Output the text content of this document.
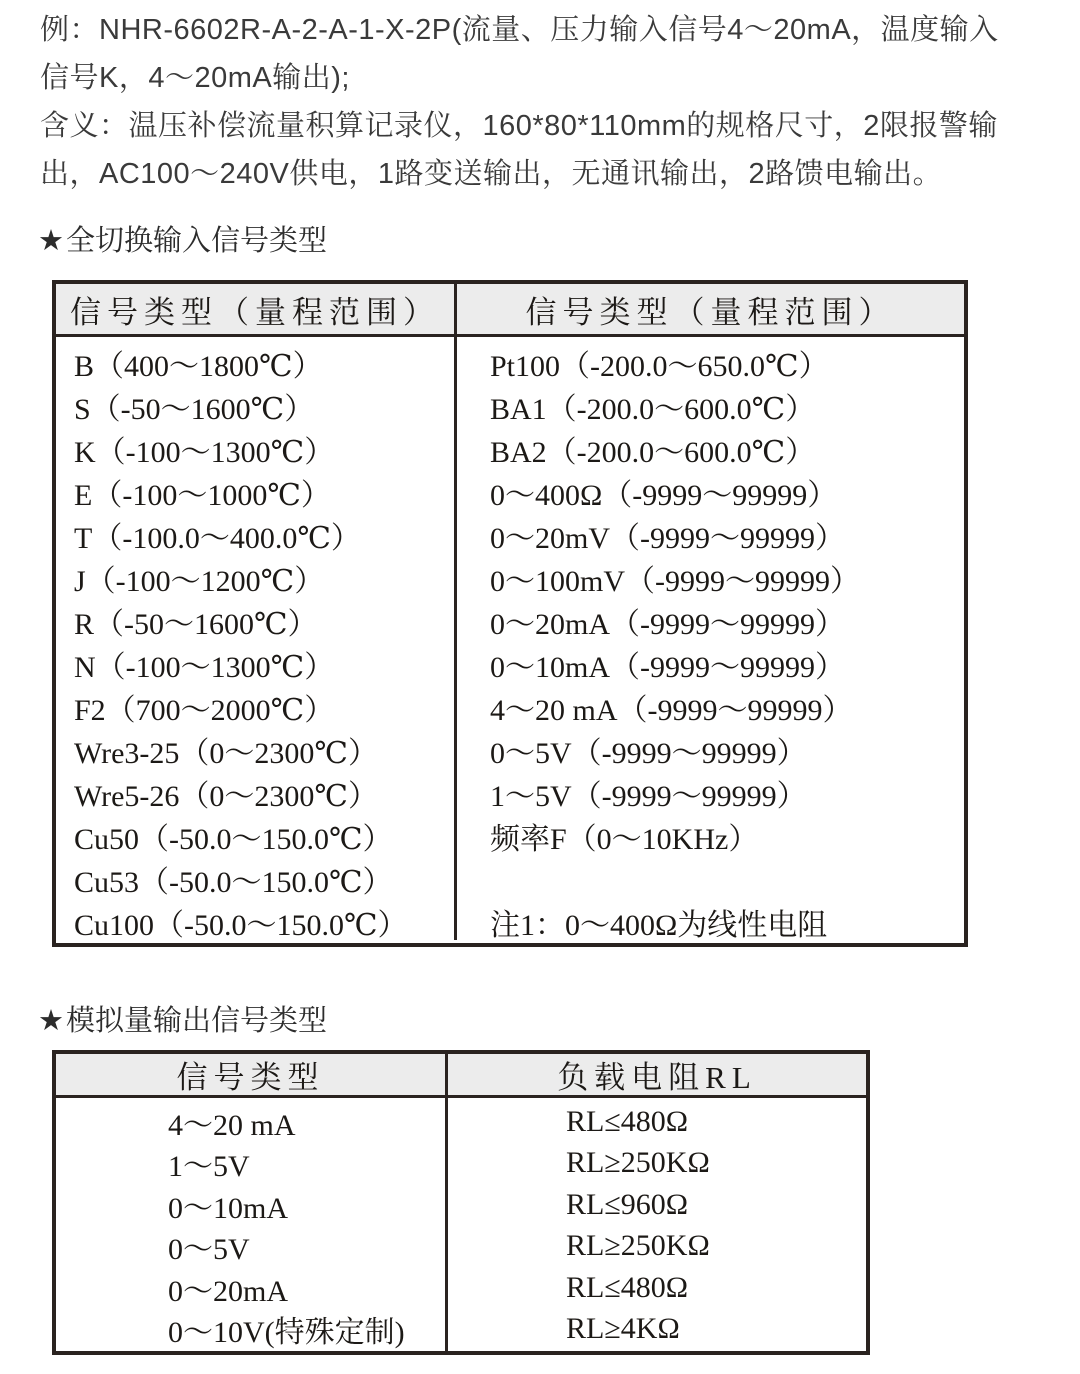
例：NHR-6602R-A-2-A-1-X-2P(流量、压力输入信号4～20mA，温度输入
信号K，4～20mA输出);
含义：温压补偿流量积算记录仪，160*80*110mm的规格尺寸，2限报警输
出，AC100～240V供电，1路变送输出，无通讯输出，2路馈电输出。
★全切换输入信号类型
信号类型（量程范围）	信号类型（量程范围）
B（400～1800℃）
S（-50～1600℃）
K（-100～1300℃）
E（-100～1000℃）
T（-100.0～400.0℃）
J（-100～1200℃）
R（-50～1600℃）
N（-100～1300℃）
F2（700～2000℃）
Wre3-25（0～2300℃）
Wre5-26（0～2300℃）
Cu50（-50.0～150.0℃）
Cu53（-50.0～150.0℃）
Cu100（-50.0～150.0℃）
Pt100（-200.0～650.0℃）
BA1（-200.0～600.0℃）
BA2（-200.0～600.0℃）
0～400Ω（-9999～99999）
0～20mV（-9999～99999）
0～100mV（-9999～99999）
0～20mA（-9999～99999）
0～10mA（-9999～99999）
4～20 mA（-9999～99999）
0～5V（-9999～99999）
1～5V（-9999～99999）
频率F（0～10KHz）
注1：0～400Ω为线性电阻
★模拟量输出信号类型
信号类型	负载电阻RL
4～20 mA
1～5V
0～10mA
0～5V
0～20mA
0～10V(特殊定制)
RL≤480Ω
RL≥250KΩ
RL≤960Ω
RL≥250KΩ
RL≤480Ω
RL≥4KΩ
